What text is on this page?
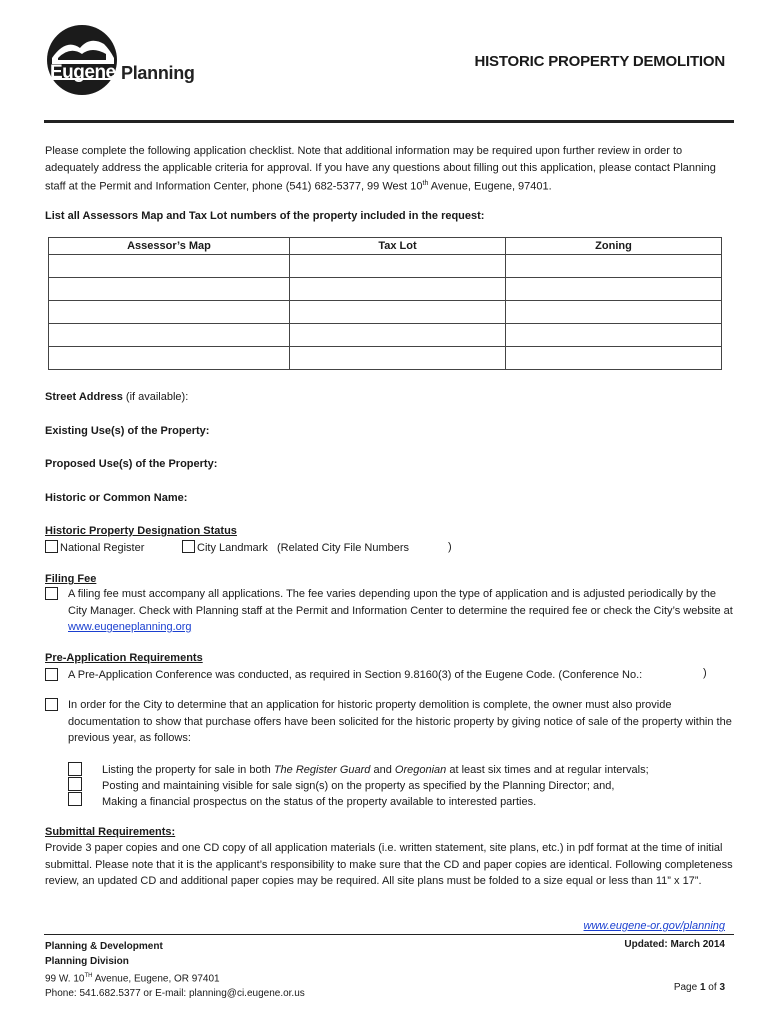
Eugene Planning
HISTORIC PROPERTY DEMOLITION
Please complete the following application checklist. Note that additional information may be required upon further review in order to adequately address the applicable criteria for approval. If you have any questions about filling out this application, please contact Planning staff at the Permit and Information Center, phone (541) 682-5377, 99 West 10th Avenue, Eugene, 97401.
List all Assessors Map and Tax Lot numbers of the property included in the request:
Assessor’s Map	Tax Lot	Zoning

Street Address (if available):
Existing Use(s) of the Property:
Proposed Use(s) of the Property:
Historic or Common Name:
Historic Property Designation Status
National Register	City Landmark (Related City File Numbers	)
Filing Fee
A filing fee must accompany all applications. The fee varies depending upon the type of application and is adjusted periodically by the City Manager. Check with Planning staff at the Permit and Information Center to determine the required fee or check the City’s website at www.eugeneplanning.org
Pre-Application Requirements
A Pre-Application Conference was conducted, as required in Section 9.8160(3) of the Eugene Code. (Conference No.:	)
In order for the City to determine that an application for historic property demolition is complete, the owner must also provide documentation to show that purchase offers have been solicited for the historic property by giving notice of sale of the property within the previous year, as follows:
Listing the property for sale in both The Register Guard and Oregonian at least six times and at regular intervals;
Posting and maintaining visible for sale sign(s) on the property as specified by the Planning Director; and,
Making a financial prospectus on the status of the property available to interested parties.
Submittal Requirements:
Provide 3 paper copies and one CD copy of all application materials (i.e. written statement, site plans, etc.) in pdf format at the time of initial submittal. Please note that it is the applicant’s responsibility to make sure that the CD and paper copies are identical. Following completeness review, an updated CD and additional paper copies may be required. All site plans must be folded to a size equal or less than 11” x 17”.
www.eugene-or.gov/planning
Planning & Development
Planning Division
99 W. 10TH Avenue, Eugene, OR 97401
Phone: 541.682.5377 or E-mail: planning@ci.eugene.or.us
Updated: March 2014
Page 1 of 3
